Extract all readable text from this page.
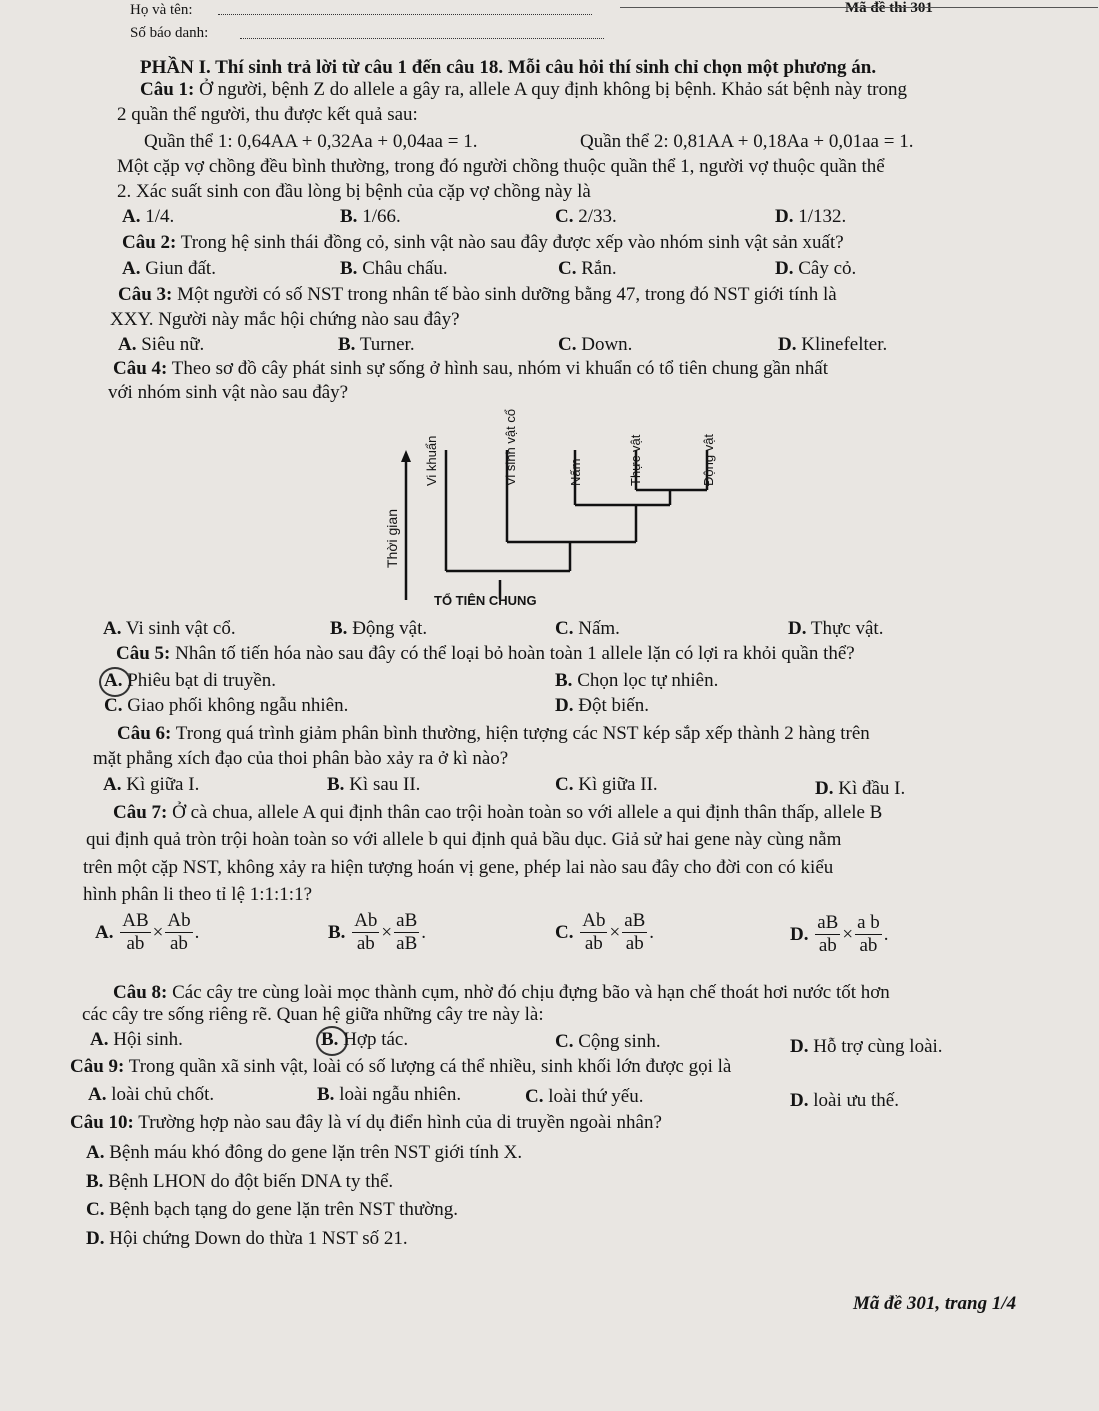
Họ và tên:	Mã đề thi 301
Số báo danh:
PHẦN I. Thí sinh trả lời từ câu 1 đến câu 18. Mỗi câu hỏi thí sinh chỉ chọn một phương án.
Câu 1: Ở người, bệnh Z do allele a gây ra, allele A quy định không bị bệnh. Khảo sát bệnh này trong
2 quần thể người, thu được kết quả sau:
Quần thể 1: 0,64AA + 0,32Aa + 0,04aa = 1.	Quần thể 2: 0,81AA + 0,18Aa + 0,01aa = 1.
Một cặp vợ chồng đều bình thường, trong đó người chồng thuộc quần thể 1, người vợ thuộc quần thể
2. Xác suất sinh con đầu lòng bị bệnh của cặp vợ chồng này là
A. 1/4.	B. 1/66.	C. 2/33.	D. 1/132.
Câu 2: Trong hệ sinh thái đồng cỏ, sinh vật nào sau đây được xếp vào nhóm sinh vật sản xuất?
A. Giun đất.	B. Châu chấu.	C. Rắn.	D. Cây cỏ.
Câu 3: Một người có số NST trong nhân tế bào sinh dưỡng bằng 47, trong đó NST giới tính là
XXY. Người này mắc hội chứng nào sau đây?
A. Siêu nữ.	B. Turner.	C. Down.	D. Klinefelter.
Câu 4: Theo sơ đồ cây phát sinh sự sống ở hình sau, nhóm vi khuẩn có tổ tiên chung gần nhất
với nhóm sinh vật nào sau đây?
Vi khuẩn	Vi sinh vật cổ	Nấm	Thực vật	Động vật
Thời gian
TỔ TIÊN CHUNG
A. Vi sinh vật cổ.	B. Động vật.	C. Nấm.	D. Thực vật.
Câu 5: Nhân tố tiến hóa nào sau đây có thể loại bỏ hoàn toàn 1 allele lặn có lợi ra khỏi quần thể?
A. Phiêu bạt di truyền.	B. Chọn lọc tự nhiên.
C. Giao phối không ngẫu nhiên.	D. Đột biến.
Câu 6: Trong quá trình giảm phân bình thường, hiện tượng các NST kép sắp xếp thành 2 hàng trên
mặt phẳng xích đạo của thoi phân bào xảy ra ở kì nào?
A. Kì giữa I.	B. Kì sau II.	C. Kì giữa II.	D. Kì đầu I.
Câu 7: Ở cà chua, allele A qui định thân cao trội hoàn toàn so với allele a qui định thân thấp, allele B
qui định quả tròn trội hoàn toàn so với allele b qui định quả bầu dục. Giả sử hai gene này cùng nằm
trên một cặp NST, không xảy ra hiện tượng hoán vị gene, phép lai nào sau đây cho đời con có kiểu
hình phân li theo tỉ lệ 1:1:1:1?
A. $\frac{AB}{ab} \times \frac{Ab}{ab}$ .	B. $\frac{Ab}{ab} \times \frac{aB}{aB}$ .	C. $\frac{Ab}{ab} \times \frac{aB}{ab}$ .	D. $\frac{aB}{ab} \times \frac{\text{a b}}{ab}$ .
Câu 8: Các cây tre cùng loài mọc thành cụm, nhờ đó chịu đựng bão và hạn chế thoát hơi nước tốt hơn
các cây tre sống riêng rẽ. Quan hệ giữa những cây tre này là:
A. Hội sinh.	B. Hợp tác.	C. Cộng sinh.	D. Hỗ trợ cùng loài.
Câu 9: Trong quần xã sinh vật, loài có số lượng cá thể nhiều, sinh khối lớn được gọi là
A. loài chủ chốt.	B. loài ngẫu nhiên.	C. loài thứ yếu.	D. loài ưu thế.
Câu 10: Trường hợp nào sau đây là ví dụ điển hình của di truyền ngoài nhân?
A. Bệnh máu khó đông do gene lặn trên NST giới tính X.
B. Bệnh LHON do đột biến DNA ty thể.
C. Bệnh bạch tạng do gene lặn trên NST thường.
D. Hội chứng Down do thừa 1 NST số 21.
Mã đề 301, trang 1/4
